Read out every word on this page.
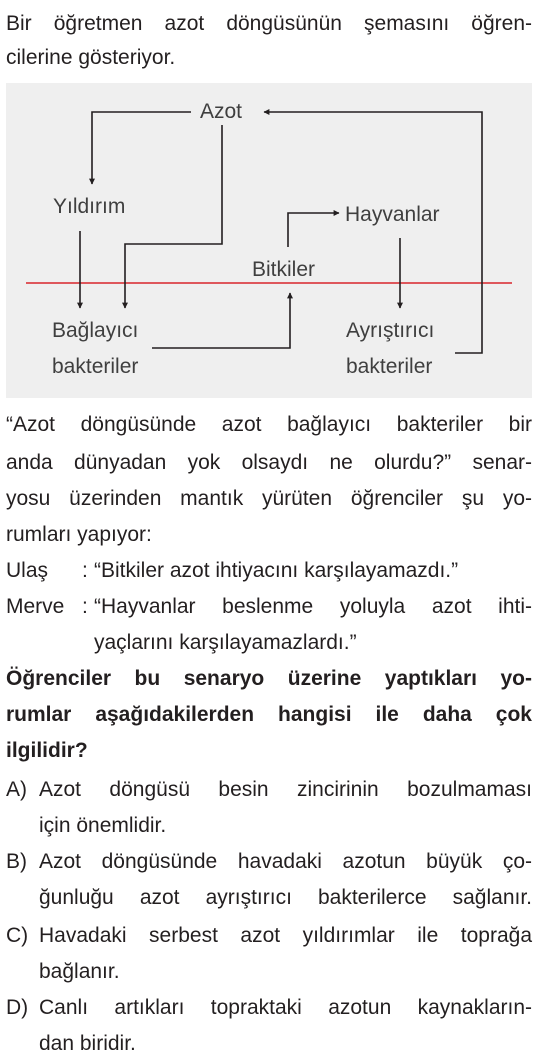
Bir öğretmen azot döngüsünün şemasını öğren-
cilerine gösteriyor.
Azot
Yıldırım	Hayvanlar
Bitkiler
Bağlayıcı
bakteriler
Ayrıştırıcı
bakteriler
“Azot döngüsünde azot bağlayıcı bakteriler bir
anda dünyadan yok olsaydı ne olurdu?” senar-
yosu üzerinden mantık yürüten öğrenciler şu yo-
rumları yapıyor:
Ulaş : “Bitkiler azot ihtiyacını karşılayamazdı.”
Merve : “Hayvanlar beslenme yoluyla azot ihti-
yaçlarını karşılayamazlardı.”
Öğrenciler bu senaryo üzerine yaptıkları yo-
rumlar aşağıdakilerden hangisi ile daha çok
ilgilidir?
A) Azot döngüsü besin zincirinin bozulmaması
için önemlidir.
B) Azot döngüsünde havadaki azotun büyük ço-
ğunluğu azot ayrıştırıcı bakterilerce sağlanır.
C) Havadaki serbest azot yıldırımlar ile toprağa
bağlanır.
D) Canlı artıkları topraktaki azotun kaynakların-
dan biridir.
